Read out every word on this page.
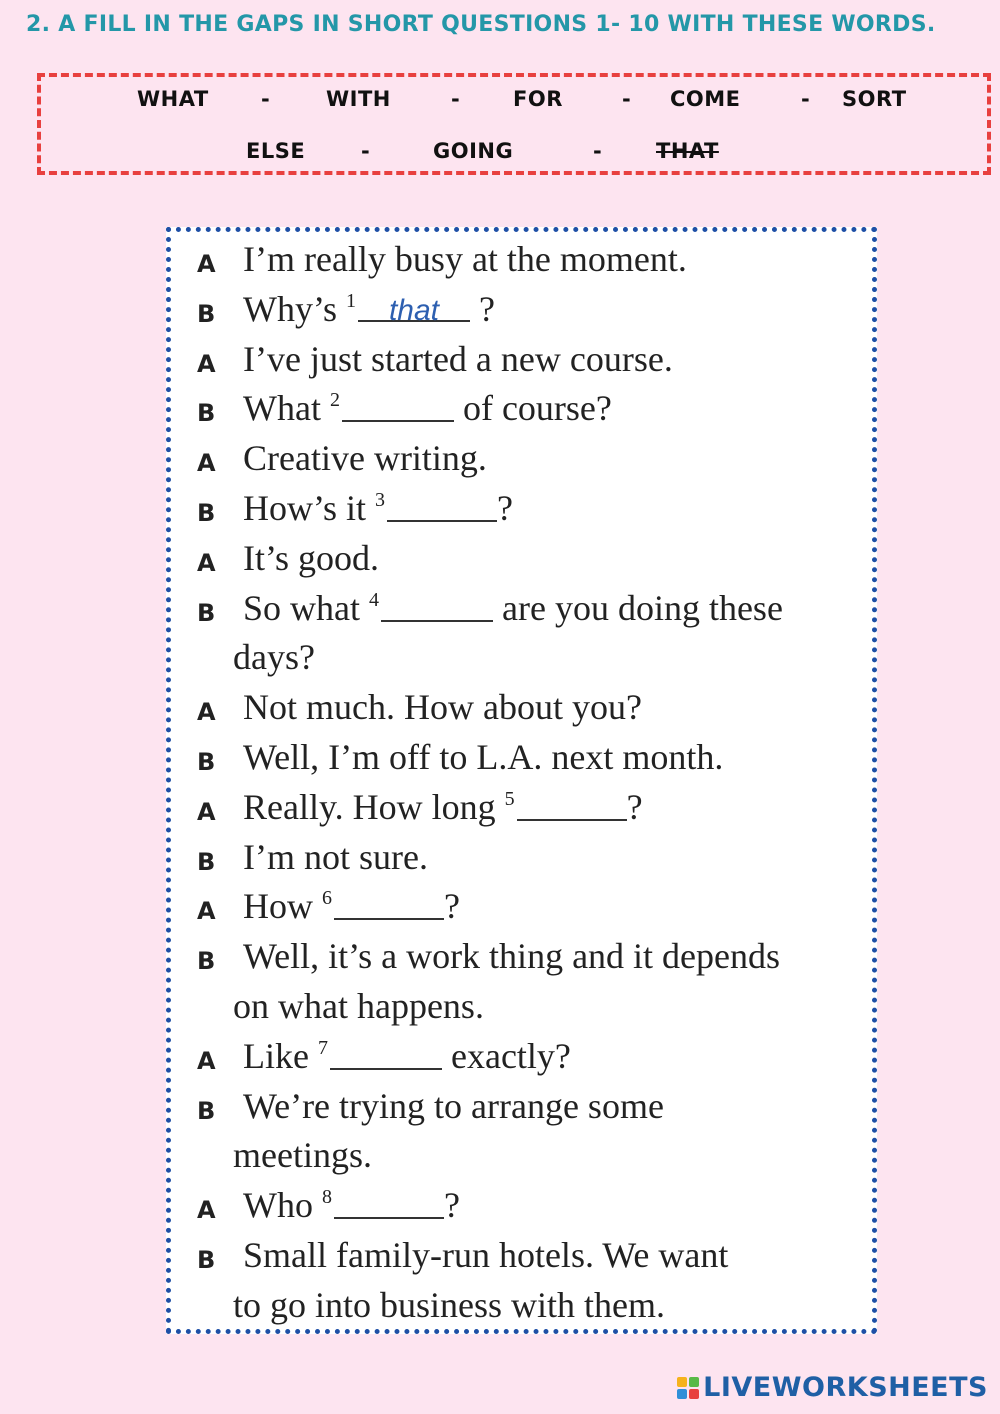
2. A FILL IN THE GAPS IN SHORT QUESTIONS 1- 10 WITH THESE WORDS.
WHAT -	WITH	-	FOR	- COME	- SORT
ELSE	-	GOING	-	THAT
A I’m really busy at the moment.
B Why’s $^1$ that ?
A I’ve just started a new course.
B What $^2$	of course?
A Creative writing.
B How’s it $^3$	?
A It’s good.
B So what $^4$	are you doing these
days?
A Not much. How about you?
B Well, I’m off to L.A. next month.
A Really. How long $^5$	?
B I’m not sure.
A How $^6$	?
B Well, it’s a work thing and it depends
on what happens.
A Like $^7$	exactly?
B We’re trying to arrange some
meetings.
A Who $^8$	?
B Small family-run hotels. We want
to go into business with them.
LIVEWORKSHEETS
